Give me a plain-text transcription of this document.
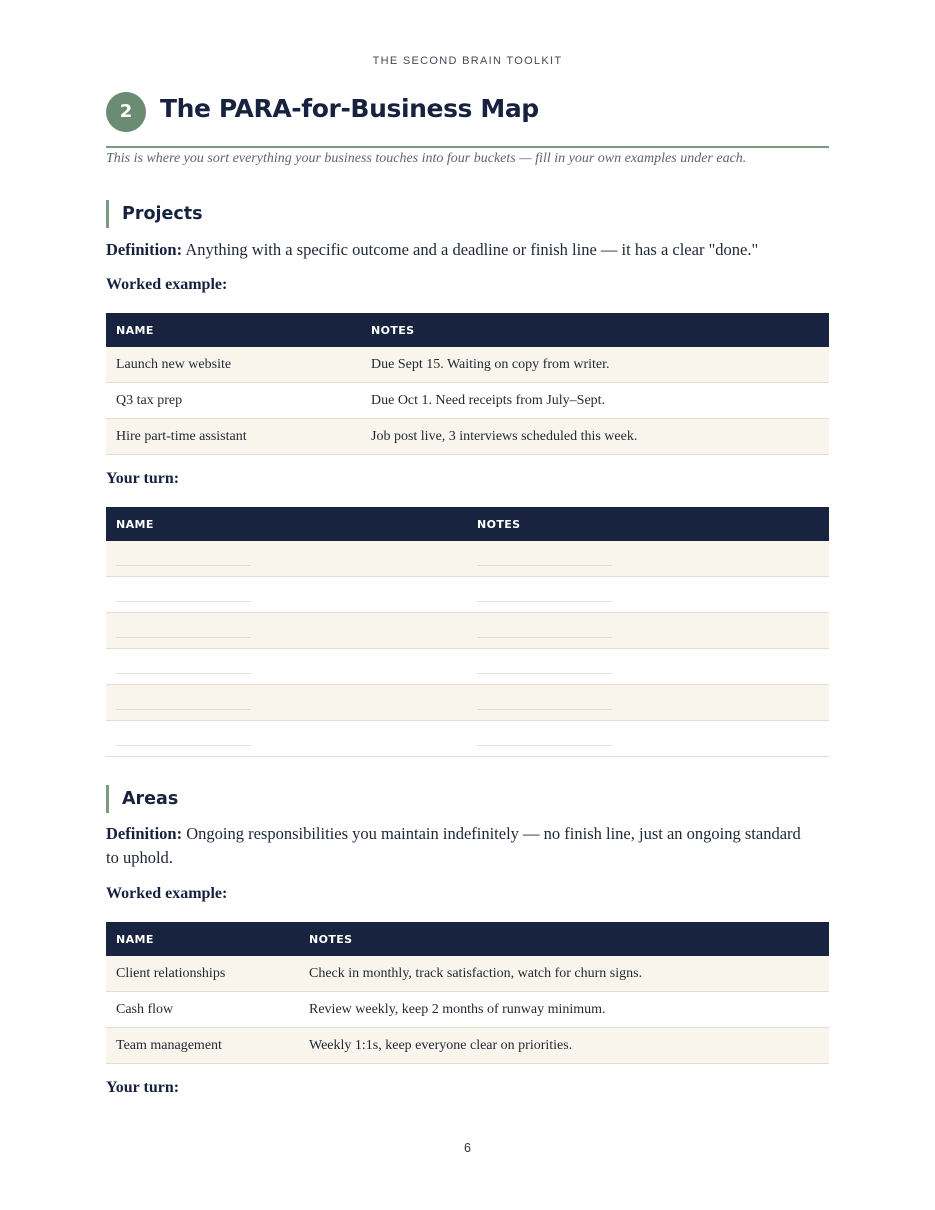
THE SECOND BRAIN TOOLKIT
2	The PARA-for-Business Map
This is where you sort everything your business touches into four buckets — fill in your own examples under each.
Projects
Definition: Anything with a specific outcome and a deadline or finish line — it has a clear "done."
Worked example:
NAME	NOTES
Launch new website	Due Sept 15. Waiting on copy from writer.
Q3 tax prep	Due Oct 1. Need receipts from July–Sept.
Hire part-time assistant	Job post live, 3 interviews scheduled this week.
Your turn:
NAME	NOTES
____________________	____________________
____________________	____________________
____________________	____________________
____________________	____________________
____________________	____________________
____________________	____________________
Areas
Definition: Ongoing responsibilities you maintain indefinitely — no finish line, just an ongoing standard to uphold.
Worked example:
NAME	NOTES
Client relationships	Check in monthly, track satisfaction, watch for churn signs.
Cash flow	Review weekly, keep 2 months of runway minimum.
Team management	Weekly 1:1s, keep everyone clear on priorities.
Your turn:
6
